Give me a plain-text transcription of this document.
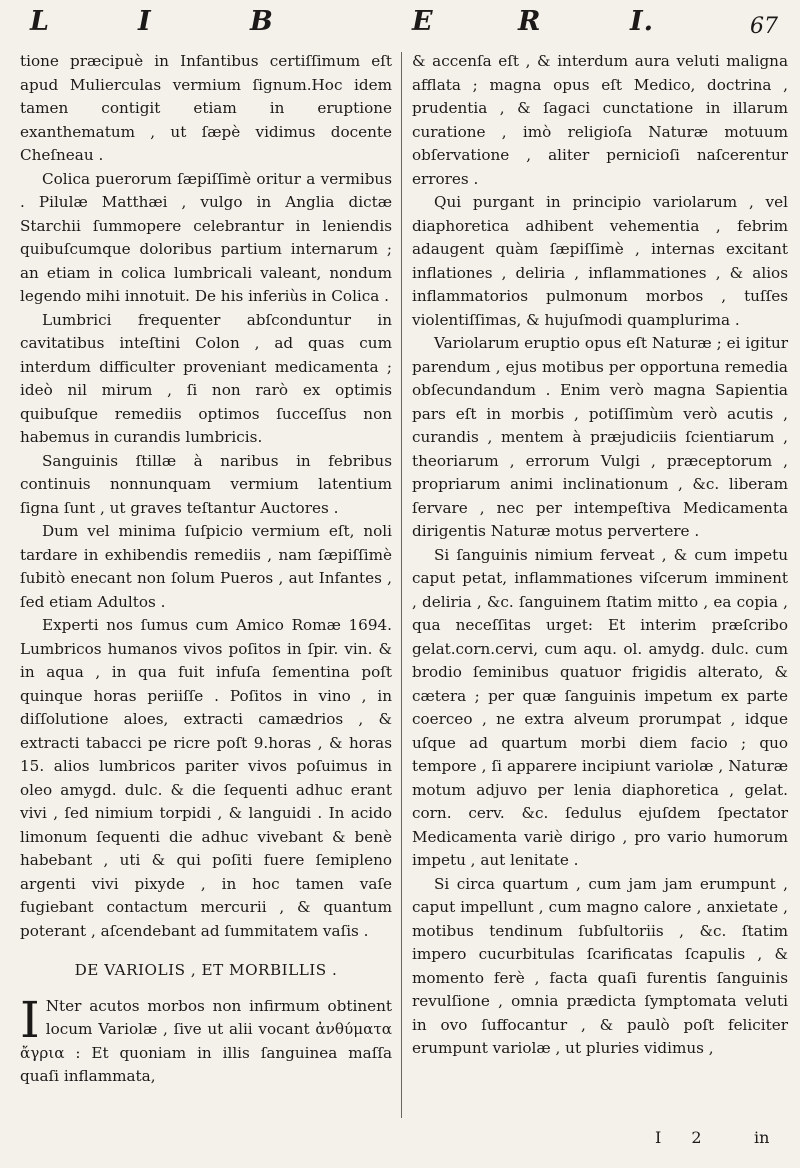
L	I	B	E	R	I.	67

tione præcipuè in Infantibus certiſſimum eſt apud Mulierculas vermium ſignum.Hoc idem tamen contigit etiam in eruptione exanthematum , ut ſæpè vidimus docente Cheſneau .

Colica puerorum ſæpiſſimè oritur a vermibus . Pilulæ Matthæi , vulgo in Anglia dictæ Starchii ſummopere celebrantur in leniendis quibuſcumque doloribus partium internarum ; an etiam in colica lumbricali valeant, nondum legendo mihi innotuit. De his inferiùs in Colica .

Lumbrici frequenter abſconduntur in cavitatibus inteſtini Colon , ad quas cum interdum difficulter proveniant medicamenta ; ideò nil mirum , ſi non rarò ex optimis quibuſque remediis optimos ſucceſſus non habemus in curandis lumbricis.

Sanguinis ſtillæ à naribus in febribus continuis nonnunquam vermium latentium ſigna ſunt , ut graves teſtantur Auctores .

Dum vel minima ſuſpicio vermium eſt, noli tardare in exhibendis remediis , nam ſæpiſſimè ſubitò enecant non ſolum Pueros , aut Infantes , ſed etiam Adultos .

Experti nos ſumus cum Amico Romæ 1694. Lumbricos humanos vivos poſitos in ſpir. vin. & in aqua , in qua fuit infuſa ſementina poſt quinque horas periiſſe . Poſitos in vino , in diſſolutione aloes, extracti camædrios , & extracti tabacci pe ricre poſt 9.horas , & horas 15. alios lumbricos pariter vivos poſuimus in oleo amygd. dulc. & die ſequenti adhuc erant vivi , ſed nimium torpidi , & languidi . In acido limonum ſequenti die adhuc vivebant & benè habebant , uti & qui poſiti fuere ſemipleno argenti vivi pixyde , in hoc tamen vaſe fugiebant contactum mercurii , & quantum poterant , aſcendebant ad ſummitatem vaſis .

DE VARIOLIS , ET MORBILLIS .

I Nter acutos morbos non infirmum obtinent locum Variolæ , ſive ut alii vocant ἀνθύματα ἄγρια : Et quoniam in illis ſanguinea maſſa quaſi inflammata,

& accenſa eſt , & interdum aura veluti maligna afflata ; magna opus eſt Medico, doctrina , prudentia , & ſagaci cunctatione in illarum curatione , imò religioſa Naturæ motuum obſervatione , aliter pernicioſi naſcerentur errores .

Qui purgant in principio variolarum , vel diaphoretica adhibent vehementia , febrim adaugent quàm ſæpiſſimè , internas excitant inflationes , deliria , inflammationes , & alios inflammatorios pulmonum morbos , tuſſes violentiſſimas, & hujuſmodi quamplurima .

Variolarum eruptio opus eſt Naturæ ; ei igitur parendum , ejus motibus per opportuna remedia obſecundandum . Enim verò magna Sapientia pars eſt in morbis , potiſſimùm verò acutis , curandis , mentem à præjudiciis ſcientiarum , theoriarum , errorum Vulgi , præceptorum , propriarum animi inclinationum , &c. liberam ſervare , nec per intempeſtiva Medicamenta dirigentis Naturæ motus pervertere .

Si ſanguinis nimium ferveat , & cum impetu caput petat, inflammationes viſcerum imminent , deliria , &c. ſanguinem ſtatim mitto , ea copia , qua neceſſitas urget: Et interim præſcribo gelat.corn.cervi, cum aqu. ol. amydg. dulc. cum brodio ſeminibus quatuor frigidis alterato, & cætera ; per quæ ſanguinis impetum ex parte coerceo , ne extra alveum prorumpat , idque uſque ad quartum morbi diem facio ; quo tempore , ſi apparere incipiunt variolæ , Naturæ motum adjuvo per lenia diaphoretica , gelat. corn. cerv. &c. ſedulus ejuſdem ſpectator Medicamenta variè dirigo , pro vario humorum impetu , aut lenitate .

Si circa quartum , cum jam jam erumpunt , caput impellunt , cum magno calore , anxietate , motibus tendinum ſubſultoriis , &c. ſtatim impero cucurbitulas ſcarificatas ſcapulis , & momento ferè , facta quaſi furentis ſanguinis revulſione , omnia prædicta ſymptomata veluti in ovo ſuffocantur , & paulò poſt feliciter erumpunt variolæ , ut pluries vidimus ,

I2 in
